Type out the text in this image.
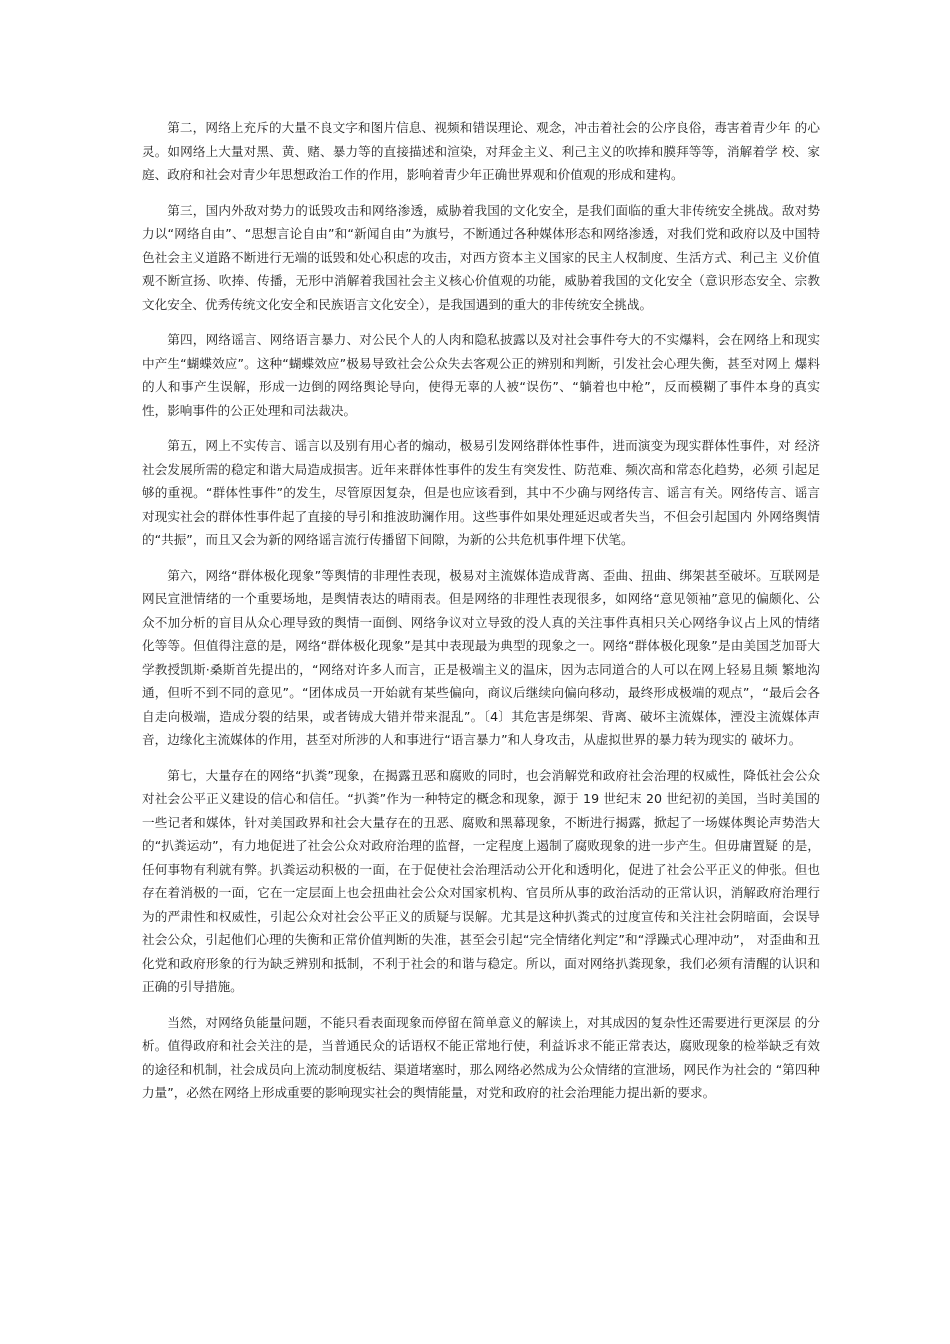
第二，网络上充斥的大量不良文字和图片信息、视频和错误理论、观念，冲击着社会的公序良俗，毒害着青少年 的心灵。如网络上大量对黑、黄、赌、暴力等的直接描述和渲染，对拜金主义、利己主义的吹捧和膜拜等等，消解着学 校、家庭、政府和社会对青少年思想政治工作的作用，影响着青少年正确世界观和价值观的形成和建构。

第三，国内外敌对势力的诋毁攻击和网络渗透，威胁着我国的文化安全，是我们面临的重大非传统安全挑战。敌对势力以“网络自由”、“思想言论自由”和“新闻自由”为旗号，不断通过各种媒体形态和网络渗透，对我们党和政府以及中国特色社会主义道路不断进行无端的诋毁和处心积虑的攻击，对西方资本主义国家的民主人权制度、生活方式、利己主 义价值观不断宣扬、吹捧、传播，无形中消解着我国社会主义核心价值观的功能，威胁着我国的文化安全（意识形态安全、宗教文化安全、优秀传统文化安全和民族语言文化安全），是我国遇到的重大的非传统安全挑战。

第四，网络谣言、网络语言暴力、对公民个人的人肉和隐私披露以及对社会事件夸大的不实爆料，会在网络上和现实中产生“蝴蝶效应”。这种“蝴蝶效应”极易导致社会公众失去客观公正的辨别和判断，引发社会心理失衡，甚至对网上 爆料的人和事产生误解，形成一边倒的网络舆论导向，使得无辜的人被“误伤”、“躺着也中枪”，反而模糊了事件本身的真实性，影响事件的公正处理和司法裁决。

第五，网上不实传言、谣言以及别有用心者的煽动，极易引发网络群体性事件，进而演变为现实群体性事件，对 经济社会发展所需的稳定和谐大局造成损害。近年来群体性事件的发生有突发性、防范难、频次高和常态化趋势，必须 引起足够的重视。“群体性事件”的发生，尽管原因复杂，但是也应该看到，其中不少确与网络传言、谣言有关。网络传言、谣言对现实社会的群体性事件起了直接的导引和推波助澜作用。这些事件如果处理延迟或者失当，不但会引起国内 外网络舆情的“共振”，而且又会为新的网络谣言流行传播留下间隙，为新的公共危机事件埋下伏笔。

第六，网络“群体极化现象”等舆情的非理性表现，极易对主流媒体造成背离、歪曲、扭曲、绑架甚至破坏。互联网是网民宣泄情绪的一个重要场地，是舆情表达的晴雨表。但是网络的非理性表现很多，如网络“意见领袖”意见的偏颇化、公众不加分析的盲目从众心理导致的舆情一面倒、网络争议对立导致的没人真的关注事件真相只关心网络争议占上风的情绪化等等。但值得注意的是，网络“群体极化现象”是其中表现最为典型的现象之一。网络“群体极化现象”是由美国芝加哥大学教授凯斯·桑斯首先提出的，“网络对许多人而言，正是极端主义的温床，因为志同道合的人可以在网上轻易且频 繁地沟通，但听不到不同的意见”。“团体成员一开始就有某些偏向，商议后继续向偏向移动，最终形成极端的观点”，“最后会各自走向极端，造成分裂的结果，或者铸成大错并带来混乱”。〔4〕其危害是绑架、背离、破坏主流媒体，湮没主流媒体声音，边缘化主流媒体的作用，甚至对所涉的人和事进行“语言暴力”和人身攻击，从虚拟世界的暴力转为现实的 破坏力。

第七，大量存在的网络“扒粪”现象，在揭露丑恶和腐败的同时，也会消解党和政府社会治理的权威性，降低社会公众对社会公平正义建设的信心和信任。“扒粪”作为一种特定的概念和现象，源于 19 世纪末 20 世纪初的美国，当时美国的一些记者和媒体，针对美国政界和社会大量存在的丑恶、腐败和黑幕现象，不断进行揭露，掀起了一场媒体舆论声势浩大的“扒粪运动”，有力地促进了社会公众对政府治理的监督，一定程度上遏制了腐败现象的进一步产生。但毋庸置疑 的是，任何事物有利就有弊。扒粪运动积极的一面，在于促使社会治理活动公开化和透明化，促进了社会公平正义的伸张。但也存在着消极的一面，它在一定层面上也会扭曲社会公众对国家机构、官员所从事的政治活动的正常认识，消解政府治理行为的严肃性和权威性，引起公众对社会公平正义的质疑与误解。尤其是这种扒粪式的过度宣传和关注社会阴暗面，会误导社会公众，引起他们心理的失衡和正常价值判断的失准，甚至会引起“完全情绪化判定”和“浮躁式心理冲动”， 对歪曲和丑化党和政府形象的行为缺乏辨别和抵制，不利于社会的和谐与稳定。所以，面对网络扒粪现象，我们必须有清醒的认识和正确的引导措施。

当然，对网络负能量问题，不能只看表面现象而停留在简单意义的解读上，对其成因的复杂性还需要进行更深层 的分析。值得政府和社会关注的是，当普通民众的话语权不能正常地行使，利益诉求不能正常表达，腐败现象的检举缺乏有效的途径和机制，社会成员向上流动制度板结、渠道堵塞时，那么网络必然成为公众情绪的宣泄场，网民作为社会的 “第四种力量”，必然在网络上形成重要的影响现实社会的舆情能量，对党和政府的社会治理能力提出新的要求。
